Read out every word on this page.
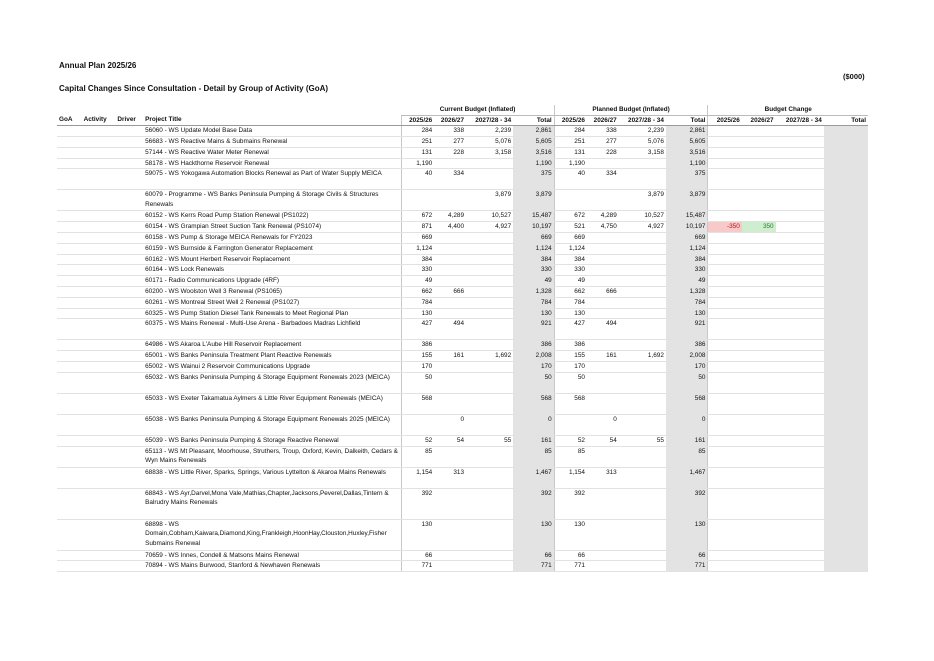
Annual Plan 2025/26
Capital Changes Since Consultation - Detail by Group of Activity (GoA)
($000)
				Current Budget (Inflated)				Planned Budget (Inflated)				Budget Change			
GoA	Activity	Driver	Project Title	2025/26	2026/27	2027/28 - 34	Total	2025/26	2026/27	2027/28 - 34	Total	2025/26	2026/27	2027/28 - 34	Total
			56060 - WS Update Model Base Data	284	338	2,239	2,861	284	338	2,239	2,861				
			56683 - WS Reactive Mains & Submains Renewal	251	277	5,076	5,605	251	277	5,076	5,605				
			57144 - WS Reactive Water Meter Renewal	131	228	3,158	3,516	131	228	3,158	3,516				
			58178 - WS Hackthorne Reservoir Renewal	1,190			1,190	1,190			1,190				
			59075 - WS Yokogawa Automation Blocks Renewal as Part of Water Supply MEICA	40	334		375	40	334		375				
			60079 - Programme - WS Banks Peninsula Pumping & Storage Civils & Structures Renewals			3,879	3,879			3,879	3,879				
			60152 - WS Kerrs Road Pump Station Renewal (PS1022)	672	4,289	10,527	15,487	672	4,289	10,527	15,487				
			60154 - WS Grampian Street Suction Tank Renewal (PS1074)	871	4,400	4,927	10,197	521	4,750	4,927	10,197	-350	350		
			60158 - WS Pump & Storage MEICA Renewals for FY2023	669			669	669			669				
			60159 - WS Burnside & Farrington Generator Replacement	1,124			1,124	1,124			1,124				
			60162 - WS Mount Herbert Reservoir Replacement	384			384	384			384				
			60164 - WS Lock Renewals	330			330	330			330				
			60171 - Radio Communications Upgrade (4RF)	49			49	49			49				
			60200 - WS Woolston Well 3 Renewal (PS1065)	662	666		1,328	662	666		1,328				
			60261 - WS Montreal Street Well 2 Renewal (PS1027)	784			784	784			784				
			60325 - WS Pump Station Diesel Tank Renewals to Meet Regional Plan	130			130	130			130				
			60375 - WS Mains Renewal - Multi-Use Arena - Barbadoes Madras Lichfield	427	494		921	427	494		921				
			64986 - WS Akaroa L'Aube Hill Reservoir Replacement	386			386	386			386				
			65001 - WS Banks Peninsula Treatment Plant Reactive Renewals	155	161	1,692	2,008	155	161	1,692	2,008				
			65002 - WS Wainui 2 Reservoir Communications Upgrade	170			170	170			170				
			65032 - WS Banks Peninsula Pumping & Storage Equipment Renewals 2023 (MEICA)	50			50	50			50				
			65033 - WS Exeter Takamatua Aylmers & Little River Equipment Renewals (MEICA)	568			568	568			568				
			65038 - WS Banks Peninsula Pumping & Storage Equipment Renewals 2025 (MEICA)		0		0		0		0				
			65039 - WS Banks Peninsula Pumping & Storage Reactive Renewal	52	54	55	161	52	54	55	161				
			65113 - WS Mt Pleasant, Moorhouse, Struthers, Troup, Oxford, Kevin, Dalkeith, Cedars & Wyn Mains Renewals	85			85	85			85				
			68838 - WS Little River, Sparks, Springs, Various Lyttelton & Akaroa Mains Renewals	1,154	313		1,467	1,154	313		1,467				
			68843 - WS Ayr,Darvel,Mona Vale,Mathias,Chapter,Jacksons,Peverel,Dallas,Tintern & Balrudry Mains Renewals	392			392	392			392				
			68898 - WS Domain,Cobham,Kaiwara,Diamond,King,Frankleigh,HoonHay,Clouston,Huxley,Fisher Submains Renewal	130			130	130			130				
			70659 - WS Innes, Condell & Matsons Mains Renewal	66			66	66			66				
			70894 - WS Mains Burwood, Stanford & Newhaven Renewals	771			771	771			771				
